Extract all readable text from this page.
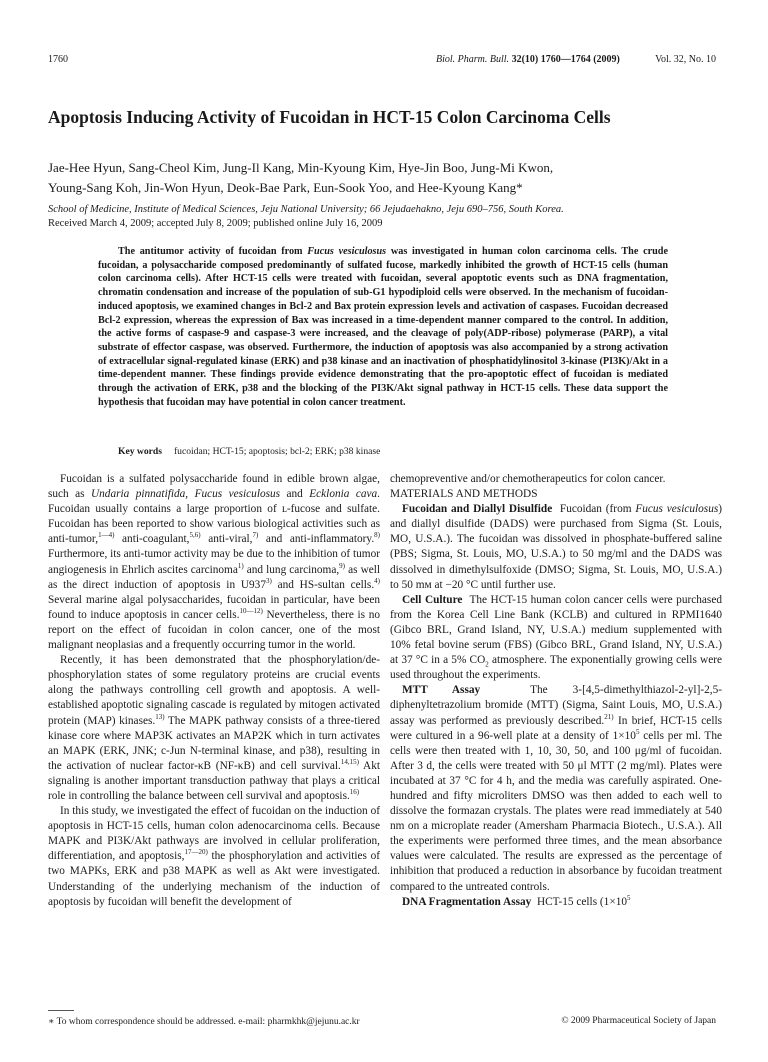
1760	Biol. Pharm. Bull. 32(10) 1760—1764 (2009)	Vol. 32, No. 10
Apoptosis Inducing Activity of Fucoidan in HCT-15 Colon Carcinoma Cells
Jae-Hee Hyun, Sang-Cheol Kim, Jung-Il Kang, Min-Kyoung Kim, Hye-Jin Boo, Jung-Mi Kwon,
Young-Sang Koh, Jin-Won Hyun, Deok-Bae Park, Eun-Sook Yoo, and Hee-Kyoung Kang*
School of Medicine, Institute of Medical Sciences, Jeju National University; 66 Jejudaehakno, Jeju 690–756, South Korea.
Received March 4, 2009; accepted July 8, 2009; published online July 16, 2009

The antitumor activity of fucoidan from Fucus vesiculosus was investigated in human colon carcinoma cells. The crude fucoidan, a polysaccharide composed predominantly of sulfated fucose, markedly inhibited the growth of HCT-15 cells (human colon carcinoma cells). After HCT-15 cells were treated with fucoidan, several apoptotic events such as DNA fragmentation, chromatin condensation and increase of the population of sub-G1 hypodiploid cells were observed. In the mechanism of fucoidan-induced apoptosis, we examined changes in Bcl-2 and Bax protein expression levels and activation of caspases. Fucoidan decreased Bcl-2 expression, whereas the expression of Bax was increased in a time-dependent manner compared to the control. In addition, the active forms of caspase-9 and caspase-3 were increased, and the cleavage of poly(ADP-ribose) polymerase (PARP), a vital substrate of effector caspase, was observed. Furthermore, the induction of apoptosis was also accompanied by a strong activation of extracellular signal-regulated kinase (ERK) and p38 kinase and an inactivation of phosphatidylinositol 3-kinase (PI3K)/Akt in a time-dependent manner. These findings provide evidence demonstrating that the pro-apoptotic effect of fucoidan is mediated through the activation of ERK, p38 and the blocking of the PI3K/Akt signal pathway in HCT-15 cells. These data support the hypothesis that fucoidan may have potential in colon cancer treatment.

Key words fucoidan; HCT-15; apoptosis; bcl-2; ERK; p38 kinase

Fucoidan is a sulfated polysaccharide found in edible brown algae, such as Undaria pinnatifida, Fucus vesiculosus and Ecklonia cava. Fucoidan usually contains a large proportion of ʟ-fucose and sulfate. Fucoidan has been reported to show various biological activities such as anti-tumor,$^{1—4)}$ anti-coagulant,$^{5,6)}$ anti-viral,$^{7)}$ and anti-inflammatory.$^{8)}$ Furthermore, its anti-tumor activity may be due to the inhibition of tumor angiogenesis in Ehrlich ascites carcinoma$^{1)}$ and lung carcinoma,$^{9)}$ as well as the direct induction of apoptosis in U937$^{3)}$ and HS-sultan cells.$^{4)}$ Several marine algal polysaccharides, fucoidan in particular, have been found to induce apoptosis in cancer cells.$^{10—12)}$ Nevertheless, there is no report on the effect of fucoidan in colon cancer, one of the most malignant neoplasias and a frequently occurring tumor in the world.

Recently, it has been demonstrated that the phosphorylation/de-phosphorylation states of some regulatory proteins are crucial events along the pathways controlling cell growth and apoptosis. A well-established apoptotic signaling cascade is regulated by mitogen activated protein (MAP) kinases.$^{13)}$ The MAPK pathway consists of a three-tiered kinase core where MAP3K activates an MAP2K which in turn activates an MAPK (ERK, JNK; c-Jun N-terminal kinase, and p38), resulting in the activation of nuclear factor-κB (NF-κB) and cell survival.$^{14,15)}$ Akt signaling is another important transduction pathway that plays a critical role in controlling the balance between cell survival and apoptosis.$^{16)}$

In this study, we investigated the effect of fucoidan on the induction of apoptosis in HCT-15 cells, human colon adenocarcinoma cells. Because MAPK and PI3K/Akt pathways are involved in cellular proliferation, differentiation, and apoptosis,$^{17—20)}$ the phosphorylation and activities of two MAPKs, ERK and p38 MAPK as well as Akt were investigated. Understanding of the underlying mechanism of the induction of apoptosis by fucoidan will benefit the development of

chemopreventive and/or chemotherapeutics for colon cancer.

MATERIALS AND METHODS

Fucoidan and Diallyl Disulfide Fucoidan (from Fucus vesiculosus) and diallyl disulfide (DADS) were purchased from Sigma (St. Louis, MO, U.S.A.). The fucoidan was dissolved in phosphate-buffered saline (PBS; Sigma, St. Louis, MO, U.S.A.) to 50 mg/ml and the DADS was dissolved in dimethylsulfoxide (DMSO; Sigma, St. Louis, MO, U.S.A.) to 50 mᴍ at −20 °C until further use.

Cell Culture The HCT-15 human colon cancer cells were purchased from the Korea Cell Line Bank (KCLB) and cultured in RPMI1640 (Gibco BRL, Grand Island, NY, U.S.A.) medium supplemented with 10% fetal bovine serum (FBS) (Gibco BRL, Grand Island, NY, U.S.A.) at 37 °C in a 5% $CO_2$ atmosphere. The exponentially growing cells were used throughout the experiments.

MTT Assay	The 3-[4,5-dimethylthiazol-2-yl]-2,5-diphenyltetrazolium bromide (MTT) (Sigma, Saint Louis, MO, U.S.A.) assay was performed as previously described.$^{21)}$ In brief, HCT-15 cells were cultured in a 96-well plate at a density of $1\times 10^5$ cells per ml. The cells were then treated with 1, 10, 30, 50, and 100 μg/ml of fucoidan. After 3 d, the cells were treated with 50 μl MTT (2 mg/ml). Plates were incubated at 37 °C for 4 h, and the media was carefully aspirated. One-hundred and fifty microliters DMSO was then added to each well to dissolve the formazan crystals. The plates were read immediately at 540 nm on a microplate reader (Amersham Pharmacia Biotech., U.S.A.). All the experiments were performed three times, and the mean absorbance values were calculated. The results are expressed as the percentage of inhibition that produced a reduction in absorbance by fucoidan treatment compared to the untreated controls.

DNA Fragmentation Assay HCT-15 cells ($1\times 10^5$

∗ To whom correspondence should be addressed. e-mail: pharmkhk@jejunu.ac.kr	© 2009 Pharmaceutical Society of Japan
